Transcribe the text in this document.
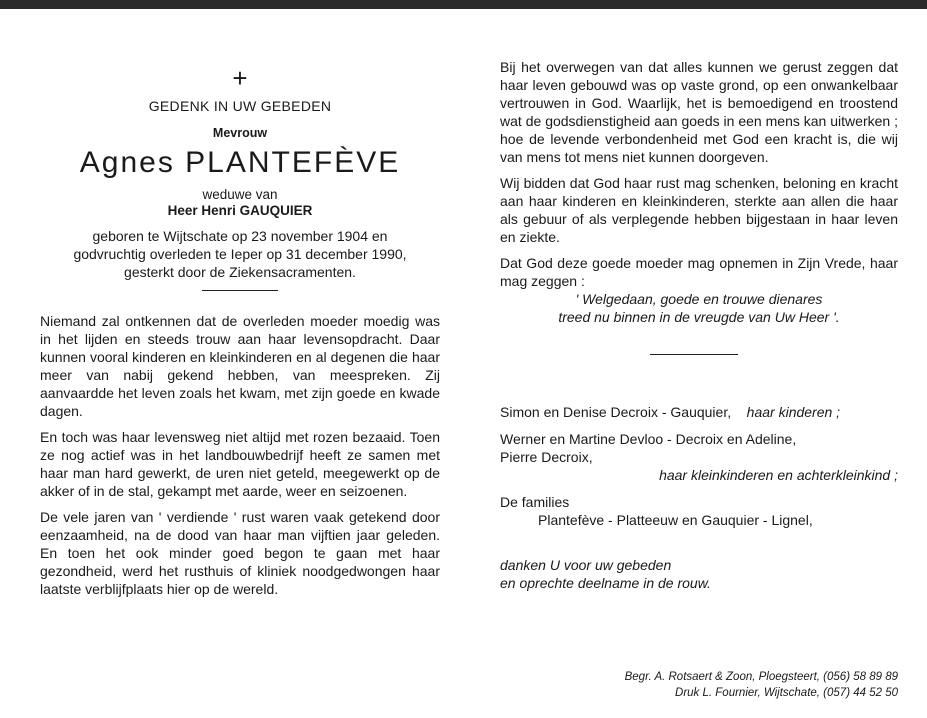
+
GEDENK IN UW GEBEDEN
Mevrouw
Agnes PLANTEFÈVE
weduwe van
Heer Henri GAUQUIER
geboren te Wijtschate op 23 november 1904 en
godvruchtig overleden te Ieper op 31 december 1990,
gesterkt door de Ziekensacramenten.

Niemand zal ontkennen dat de overleden moeder moedig was in het lijden en steeds trouw aan haar levensopdracht. Daar kunnen vooral kinderen en kleinkinderen en al degenen die haar meer van nabij gekend hebben, van meespreken. Zij aanvaardde het leven zoals het kwam, met zijn goede en kwade dagen.

En toch was haar levensweg niet altijd met rozen bezaaid. Toen ze nog actief was in het landbouwbedrijf heeft ze samen met haar man hard gewerkt, de uren niet geteld, meegewerkt op de akker of in de stal, gekampt met aarde, weer en seizoenen.

De vele jaren van ' verdiende ' rust waren vaak getekend door eenzaamheid, na de dood van haar man vijftien jaar geleden. En toen het ook minder goed begon te gaan met haar gezondheid, werd het rusthuis of kliniek noodgedwongen haar laatste verblijfplaats hier op de wereld.

Bij het overwegen van dat alles kunnen we gerust zeggen dat haar leven gebouwd was op vaste grond, op een onwankelbaar vertrouwen in God. Waarlijk, het is bemoedigend en troostend wat de godsdienstigheid aan goeds in een mens kan uitwerken ; hoe de levende verbondenheid met God een kracht is, die wij van mens tot mens niet kunnen doorgeven.

Wij bidden dat God haar rust mag schenken, beloning en kracht aan haar kinderen en kleinkinderen, sterkte aan allen die haar als gebuur of als verplegende hebben bijgestaan in haar leven en ziekte.

Dat God deze goede moeder mag opnemen in Zijn Vrede, haar mag zeggen :

' Welgedaan, goede en trouwe dienares
treed nu binnen in de vreugde van Uw Heer '.
Simon en Denise Decroix - Gauquier, haar kinderen ;
Werner en Martine Devloo - Decroix en Adeline,
Pierre Decroix,
haar kleinkinderen en achterkleinkind ;
De families
Plantefève - Platteeuw en Gauquier - Lignel,
danken U voor uw gebeden
en oprechte deelname in de rouw.
Begr. A. Rotsaert & Zoon, Ploegsteert, (056) 58 89 89
Druk L. Fournier, Wijtschate, (057) 44 52 50
